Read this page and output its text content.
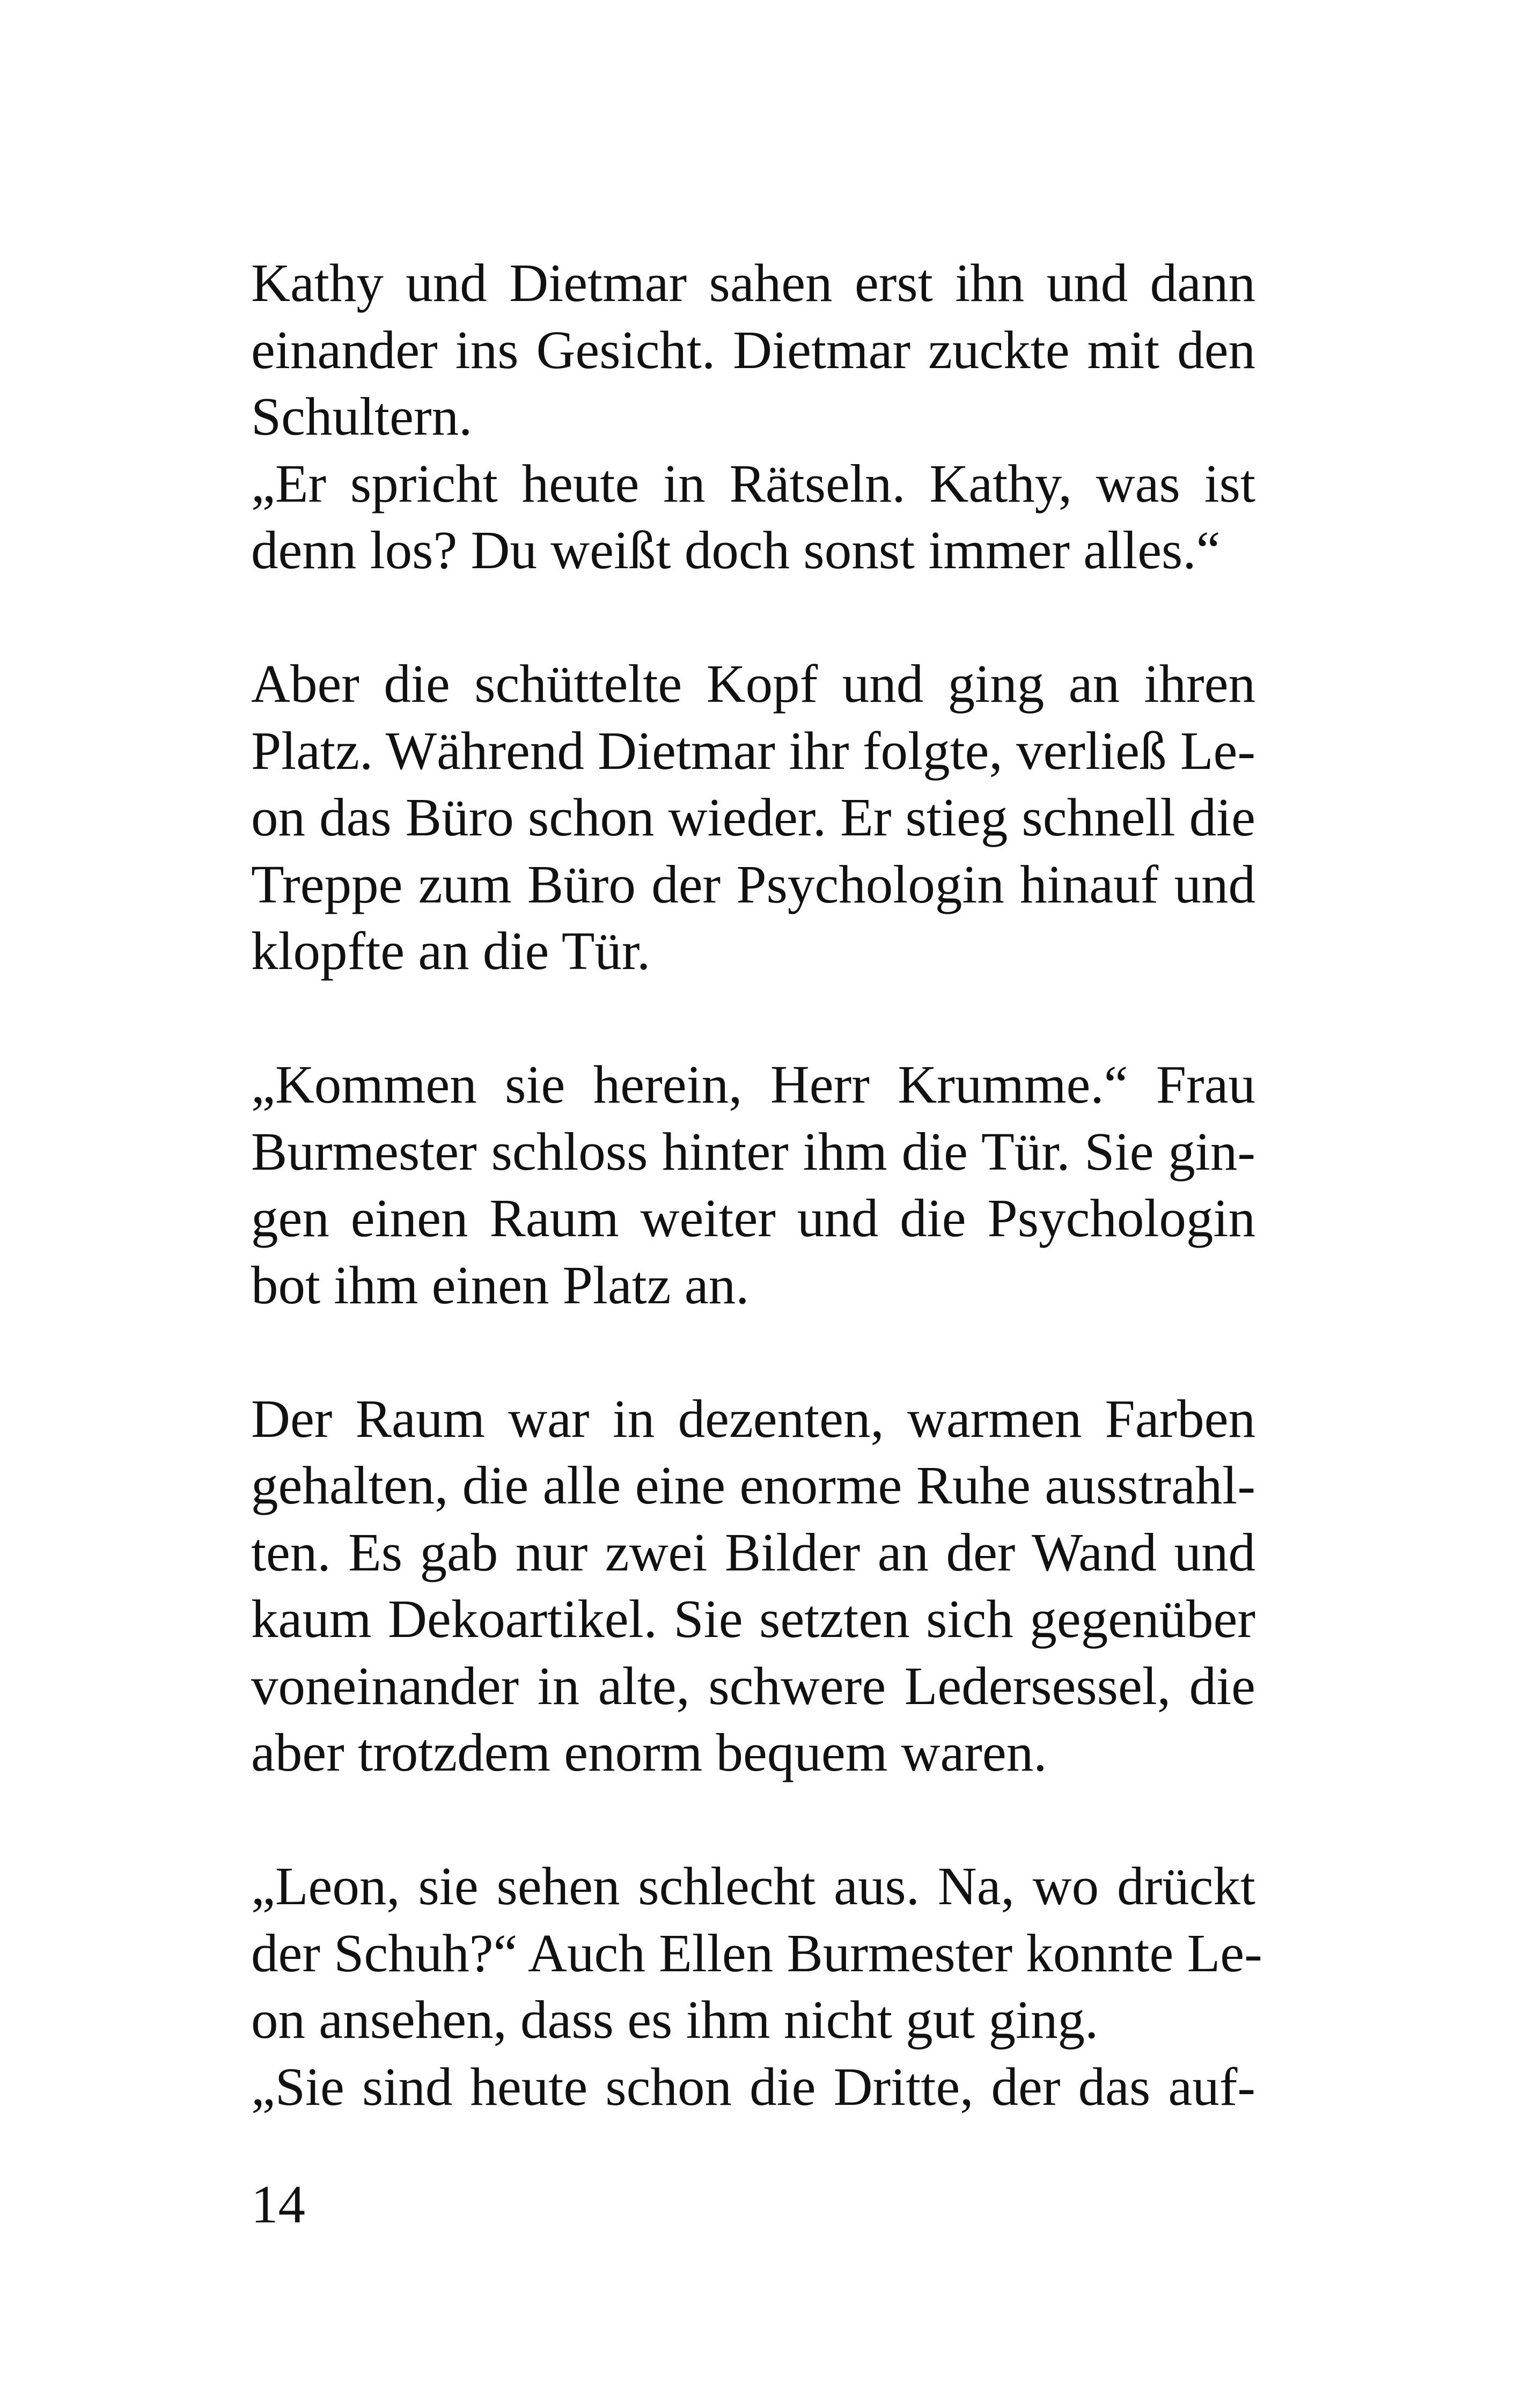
Kathy und Dietmar sahen erst ihn und dann
einander ins Gesicht. Dietmar zuckte mit den
Schultern.
„Er spricht heute in Rätseln. Kathy, was ist
denn los? Du weißt doch sonst immer alles.“
Aber die schüttelte Kopf und ging an ihren
Platz. Während Dietmar ihr folgte, verließ Le-
on das Büro schon wieder. Er stieg schnell die
Treppe zum Büro der Psychologin hinauf und
klopfte an die Tür.
„Kommen sie herein, Herr Krumme.“ Frau
Burmester schloss hinter ihm die Tür. Sie gin-
gen einen Raum weiter und die Psychologin
bot ihm einen Platz an.
Der Raum war in dezenten, warmen Farben
gehalten, die alle eine enorme Ruhe ausstrahl-
ten. Es gab nur zwei Bilder an der Wand und
kaum Dekoartikel. Sie setzten sich gegenüber
voneinander in alte, schwere Ledersessel, die
aber trotzdem enorm bequem waren.
„Leon, sie sehen schlecht aus. Na, wo drückt
der Schuh?“ Auch Ellen Burmester konnte Le-
on ansehen, dass es ihm nicht gut ging.
„Sie sind heute schon die Dritte, der das auf-
14
